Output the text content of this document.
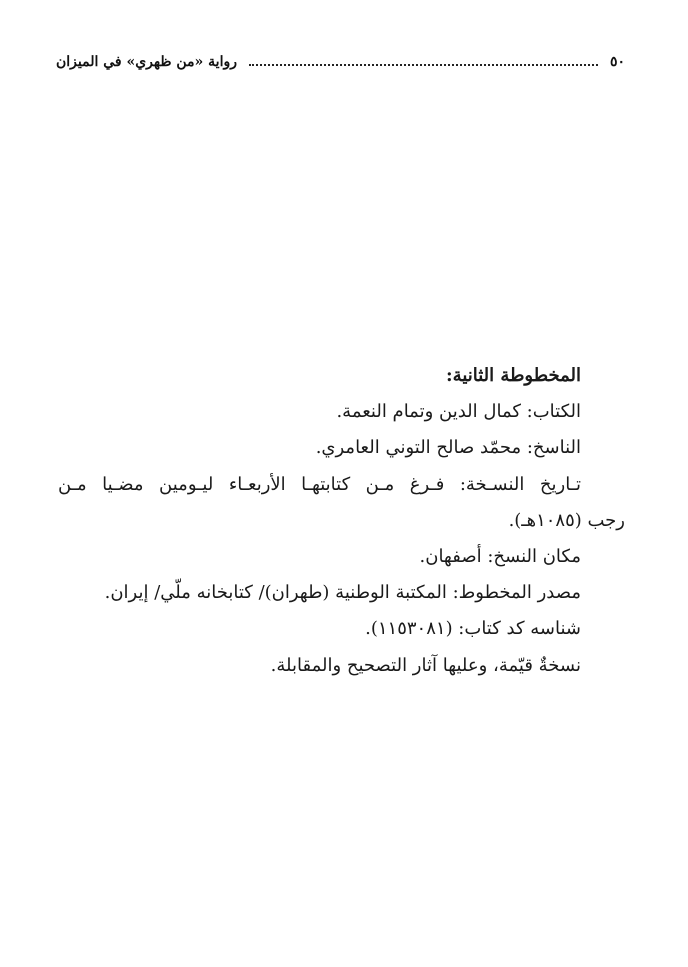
٥٠
رواية «من ظهري» في الميزان

المخطوطة الثانية:

الكتاب: كمال الدين وتمام النعمة.

الناسخ: محمّد صالح التوني العامري.

تـاريخ النسـخة: فـرغ مـن كتابتهـا الأربعـاء ليـومين مضـيا مـن

رجب (١٠٨٥هـ).

مكان النسخ: أصفهان.

مصدر المخطوط: المكتبة الوطنية (طهران)/ كتابخانه ملّي/ إيران.

شناسه كد كتاب: (١١٥٣٠٨١).

نسخةٌ قيّمة، وعليها آثار التصحيح والمقابلة.
